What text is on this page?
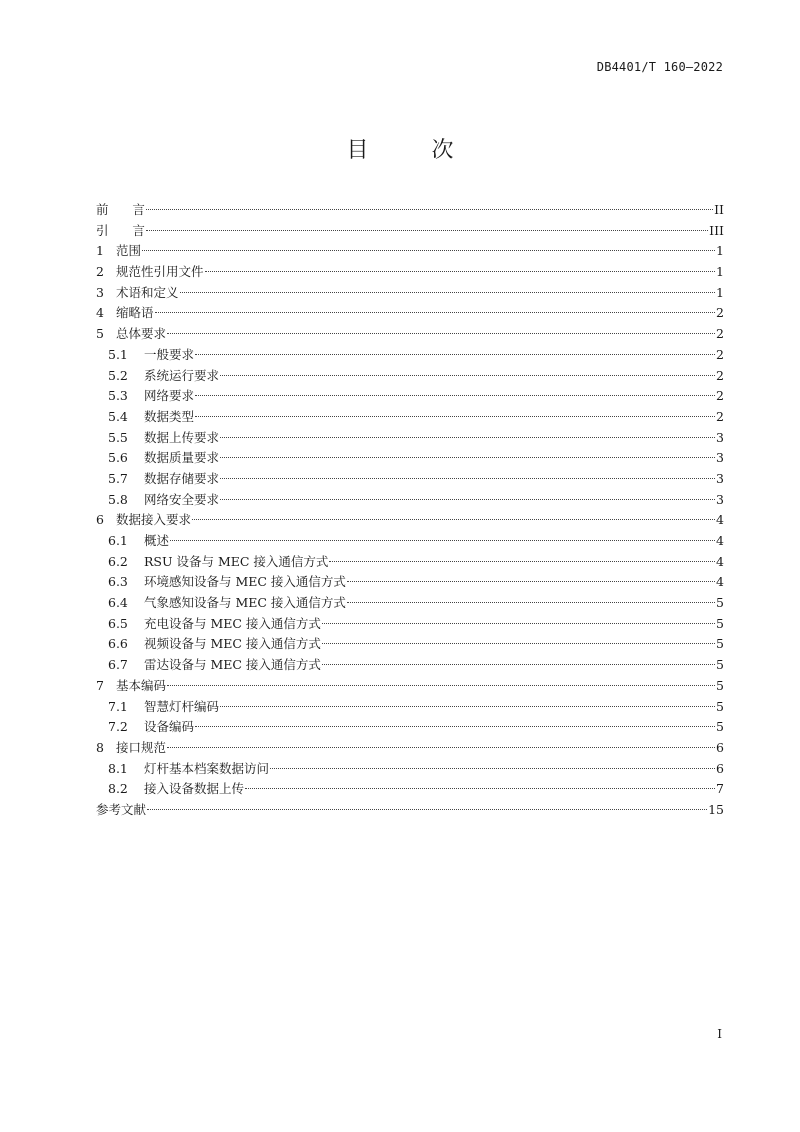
DB4401/T 160—2022
目 次
前      言	II
引      言	III
1 范围	1
2 规范性引用文件	1
3 术语和定义	1
4 缩略语	2
5 总体要求	2
5.1	一般要求	2
5.2	系统运行要求	2
5.3	网络要求	2
5.4	数据类型	2
5.5	数据上传要求	3
5.6	数据质量要求	3
5.7	数据存储要求	3
5.8	网络安全要求	3
6 数据接入要求	4
6.1	概述	4
6.2	RSU 设备与 MEC 接入通信方式	4
6.3	环境感知设备与 MEC 接入通信方式	4
6.4	气象感知设备与 MEC 接入通信方式	5
6.5	充电设备与 MEC 接入通信方式	5
6.6	视频设备与 MEC 接入通信方式	5
6.7	雷达设备与 MEC 接入通信方式	5
7 基本编码	5
7.1	智慧灯杆编码	5
7.2	设备编码	5
8 接口规范	6
8.1	灯杆基本档案数据访问	6
8.2	接入设备数据上传	7
参考文献	15
I
